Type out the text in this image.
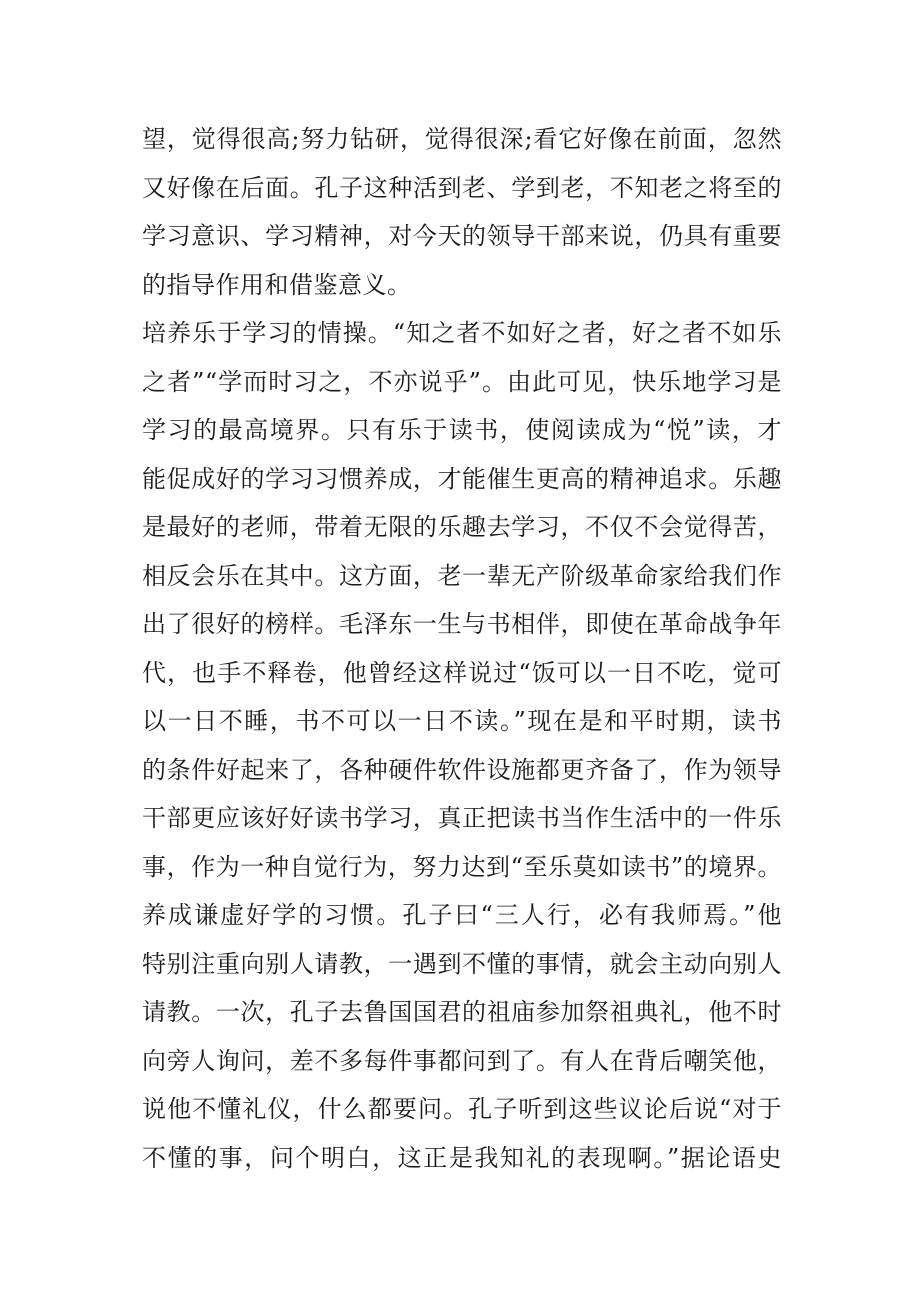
望，觉得很高;努力钻研，觉得很深;看它好像在前面，忽然
又好像在后面。孔子这种活到老、学到老，不知老之将至的
学习意识、学习精神，对今天的领导干部来说，仍具有重要
的指导作用和借鉴意义。
培养乐于学习的情操。“知之者不如好之者，好之者不如乐
之者”“学而时习之，不亦说乎”。由此可见，快乐地学习是
学习的最高境界。只有乐于读书，使阅读成为“悦”读，才
能促成好的学习习惯养成，才能催生更高的精神追求。乐趣
是最好的老师，带着无限的乐趣去学习，不仅不会觉得苦，
相反会乐在其中。这方面，老一辈无产阶级革命家给我们作
出了很好的榜样。毛泽东一生与书相伴，即使在革命战争年
代，也手不释卷，他曾经这样说过“饭可以一日不吃，觉可
以一日不睡，书不可以一日不读。”现在是和平时期，读书
的条件好起来了，各种硬件软件设施都更齐备了，作为领导
干部更应该好好读书学习，真正把读书当作生活中的一件乐
事，作为一种自觉行为，努力达到“至乐莫如读书”的境界。
养成谦虚好学的习惯。孔子曰“三人行，必有我师焉。”他
特别注重向别人请教，一遇到不懂的事情，就会主动向别人
请教。一次，孔子去鲁国国君的祖庙参加祭祖典礼，他不时
向旁人询问，差不多每件事都问到了。有人在背后嘲笑他，
说他不懂礼仪，什么都要问。孔子听到这些议论后说“对于
不懂的事，问个明白，这正是我知礼的表现啊。”据论语史
